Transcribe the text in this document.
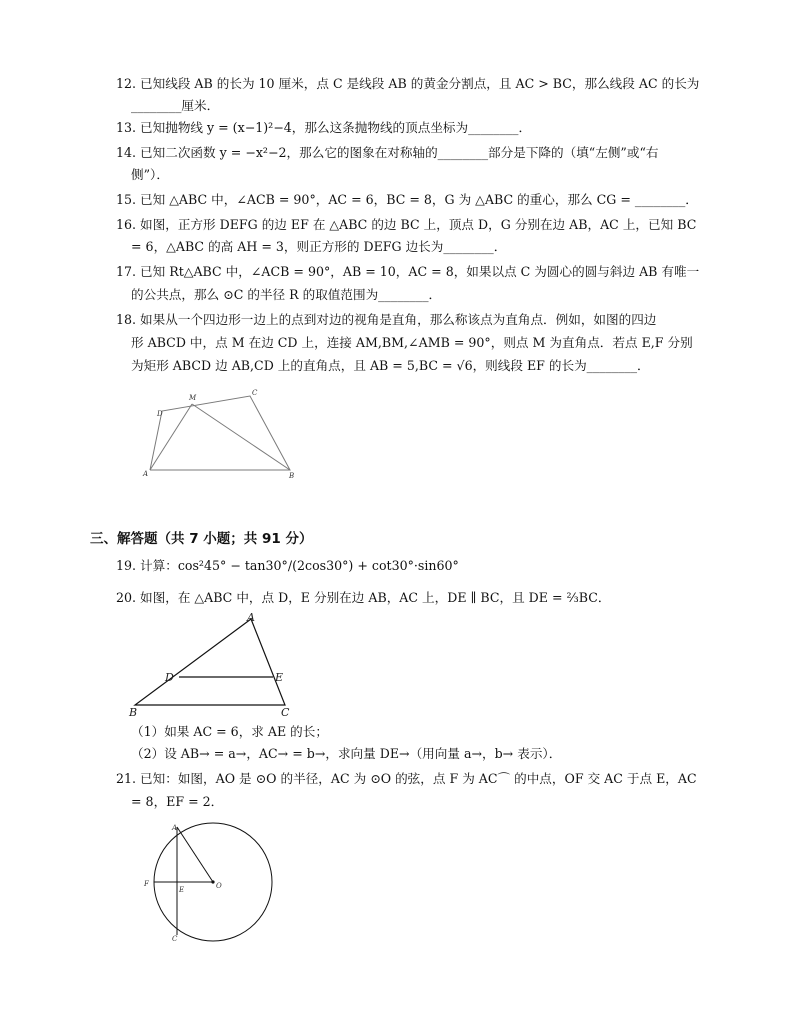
12. 已知线段 AB 的长为 10 厘米，点 C 是线段 AB 的黄金分割点，且 AC > BC，那么线段 AC 的长为
________厘米．
13. 已知抛物线 y = (x−1)²−4，那么这条抛物线的顶点坐标为________．
14. 已知二次函数 y = −x²−2，那么它的图象在对称轴的________部分是下降的（填“左侧”或“右
侧”）．
15. 已知 △ABC 中，∠ACB = 90°，AC = 6，BC = 8，G 为 △ABC 的重心，那么 CG = ________．
16. 如图，正方形 DEFG 的边 EF 在 △ABC 的边 BC 上，顶点 D，G 分别在边 AB，AC 上，已知 BC
= 6，△ABC 的高 AH = 3，则正方形的 DEFG 边长为________．
17. 已知 Rt△ABC 中，∠ACB = 90°，AB = 10，AC = 8，如果以点 C 为圆心的圆与斜边 AB 有唯一
的公共点，那么 ⊙C 的半径 R 的取值范围为________．
18. 如果从一个四边形一边上的点到对边的视角是直角，那么称该点为直角点．例如，如图的四边
形 ABCD 中，点 M 在边 CD 上，连接 AM,BM,∠AMB = 90°，则点 M 为直角点．若点 E,F 分别
为矩形 ABCD 边 AB,CD 上的直角点，且 AB = 5,BC = √6，则线段 EF 的长为________．
A	B
C
D
M
三、解答题（共 7 小题；共 91 分）
19. 计算：cos²45° − tan30°/(2cos30°) + cot30°·sin60°
20. 如图，在 △ABC 中，点 D，E 分别在边 AB，AC 上，DE ∥ BC，且 DE = ⅔BC．
A
B	C
D	E
（1）如果 AC = 6，求 AE 的长；
（2）设 AB→ = a→，AC→ = b→，求向量 DE→（用向量 a→，b→ 表示）．
21. 已知：如图，AO 是 ⊙O 的半径，AC 为 ⊙O 的弦，点 F 为 AC⌒ 的中点，OF 交 AC 于点 E，AC
= 8，EF = 2．
A
C
E
F	O
